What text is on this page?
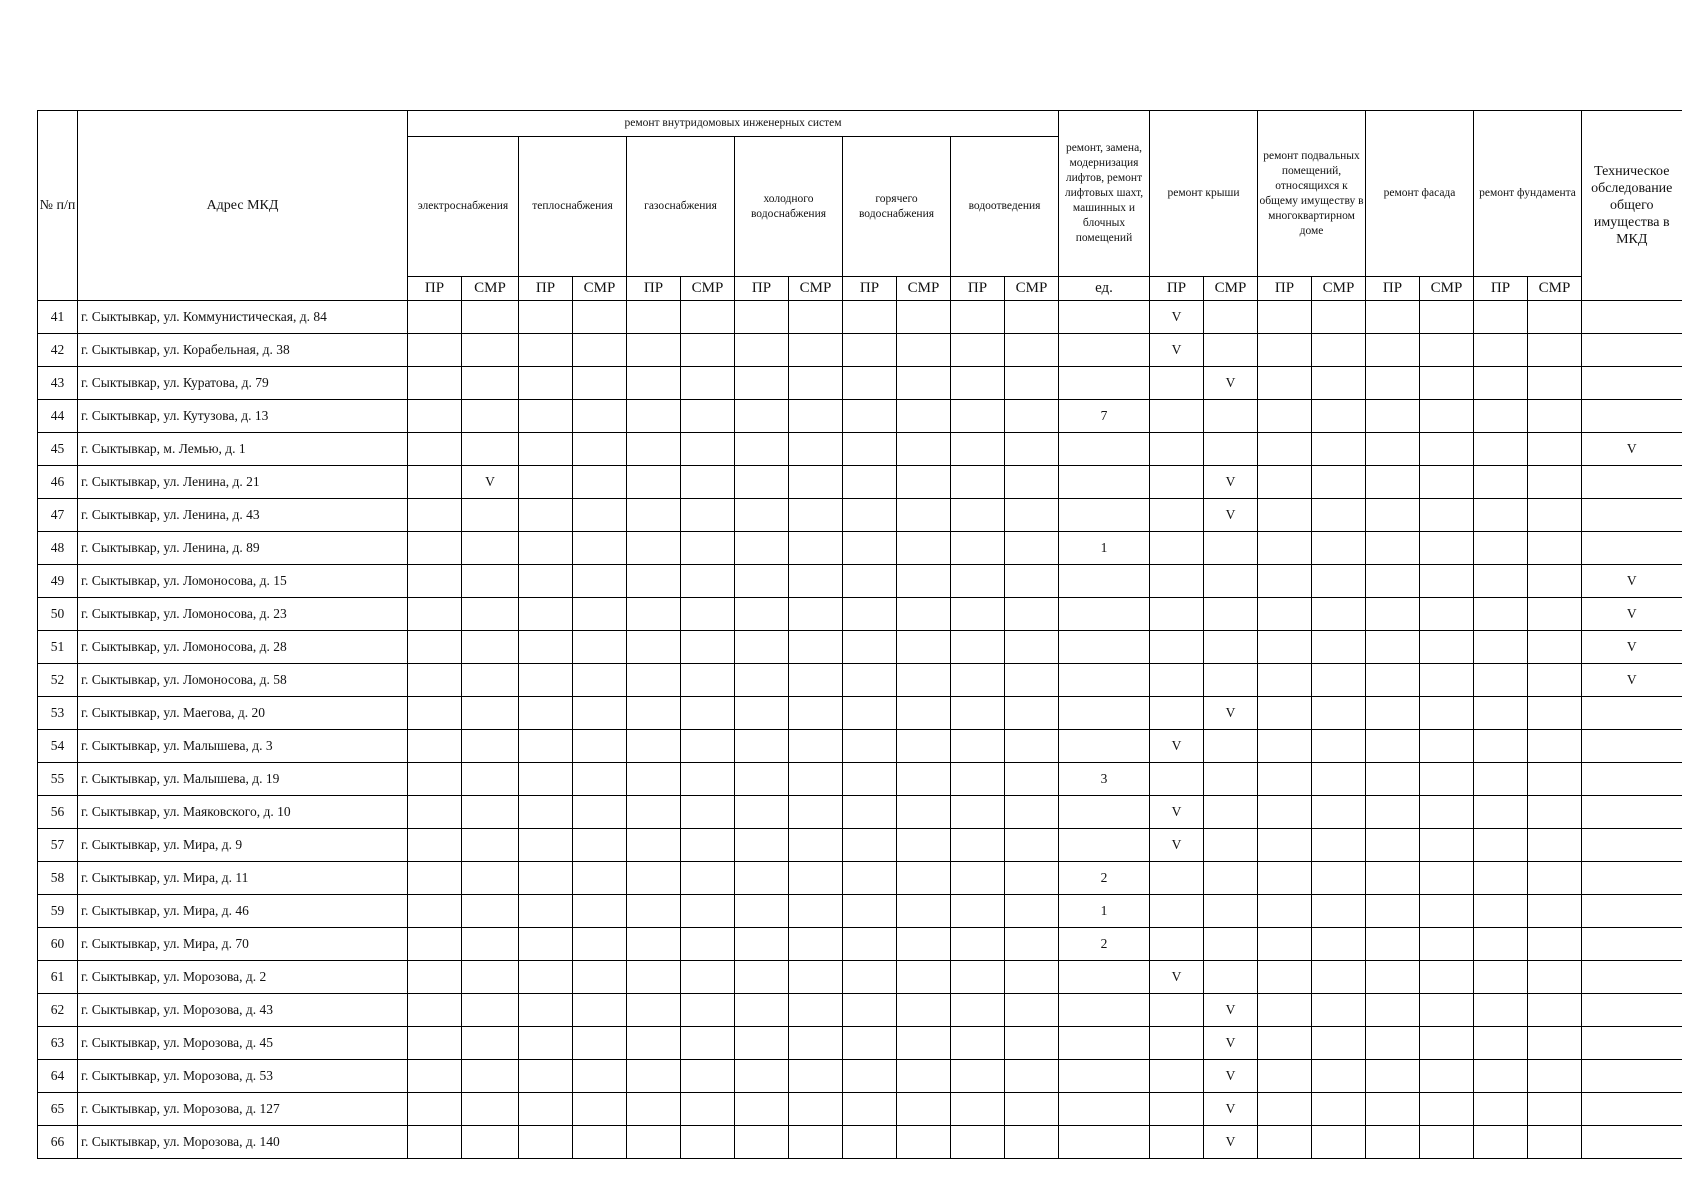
№ п/п	Адрес МКД	ремонт внутридомовых инженерных систем												ремонт, замена, модернизация лифтов, ремонт лифтовых шахт, машинных и блочных помещений	ремонт крыши		ремонт подвальных помещений, относящихся к общему имуществу в многоквартирном доме		ремонт фасада		ремонт фундамента		Техническое обследование общего имущества в МКД
		электроснабжения		теплоснабжения		газоснабжения		холодного водоснабжения		горячего водоснабжения		водоотведения											
		ПР	СМР	ПР	СМР	ПР	СМР	ПР	СМР	ПР	СМР	ПР	СМР	ед.	ПР	СМР	ПР	СМР	ПР	СМР	ПР	СМР	
41	г. Сыктывкар, ул. Коммунистическая, д. 84														V								
42	г. Сыктывкар, ул. Корабельная, д. 38														V								
43	г. Сыктывкар, ул. Куратова, д. 79															V							
44	г. Сыктывкар, ул. Кутузова, д. 13													7									
45	г. Сыктывкар, м. Лемью, д. 1																						V
46	г. Сыктывкар, ул. Ленина, д. 21		V													V							
47	г. Сыктывкар, ул. Ленина, д. 43															V							
48	г. Сыктывкар, ул. Ленина, д. 89													1									
49	г. Сыктывкар, ул. Ломоносова, д. 15																						V
50	г. Сыктывкар, ул. Ломоносова, д. 23																						V
51	г. Сыктывкар, ул. Ломоносова, д. 28																						V
52	г. Сыктывкар, ул. Ломоносова, д. 58																						V
53	г. Сыктывкар, ул. Маегова, д. 20															V							
54	г. Сыктывкар, ул. Малышева, д. 3														V								
55	г. Сыктывкар, ул. Малышева, д. 19													3									
56	г. Сыктывкар, ул. Маяковского, д. 10														V								
57	г. Сыктывкар, ул. Мира, д. 9														V								
58	г. Сыктывкар, ул. Мира, д. 11													2									
59	г. Сыктывкар, ул. Мира, д. 46													1									
60	г. Сыктывкар, ул. Мира, д. 70													2									
61	г. Сыктывкар, ул. Морозова, д. 2														V								
62	г. Сыктывкар, ул. Морозова, д. 43															V							
63	г. Сыктывкар, ул. Морозова, д. 45															V							
64	г. Сыктывкар, ул. Морозова, д. 53															V							
65	г. Сыктывкар, ул. Морозова, д. 127															V							
66	г. Сыктывкар, ул. Морозова, д. 140															V							
